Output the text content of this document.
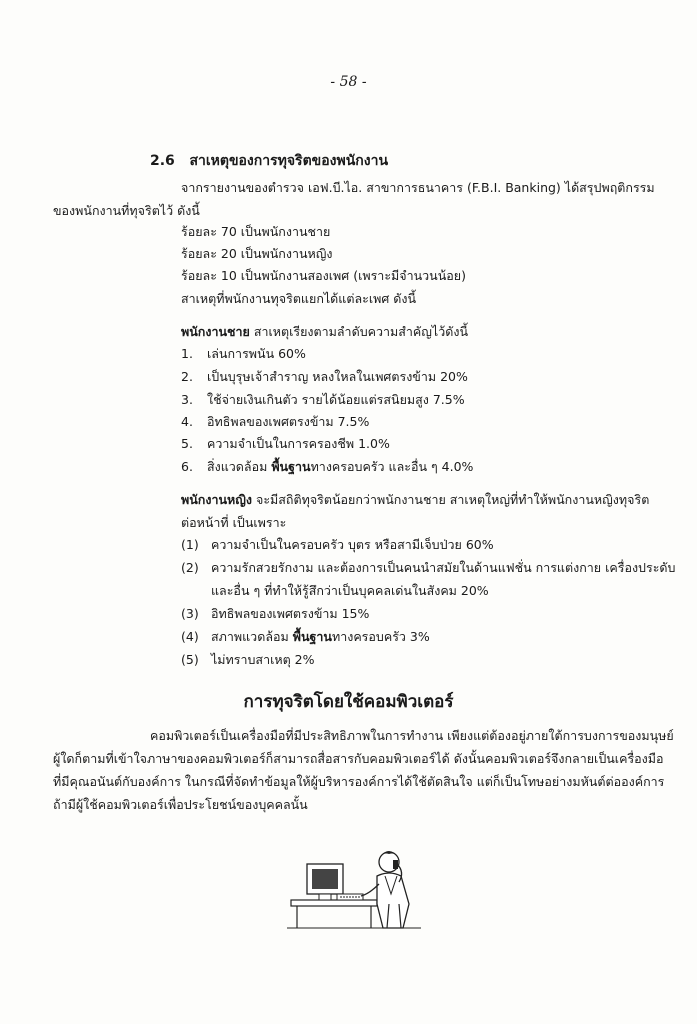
- 58 -
2.6 สาเหตุของการทุจริตของพนักงาน
จากรายงานของตำรวจ เอฟ.บี.ไอ. สาขาการธนาคาร (F.B.I. Banking) ได้สรุปพฤติกรรม
ของพนักงานที่ทุจริตไว้ ดังนี้
ร้อยละ 70 เป็นพนักงานชาย
ร้อยละ 20 เป็นพนักงานหญิง
ร้อยละ 10 เป็นพนักงานสองเพศ (เพราะมีจำนวนน้อย)
สาเหตุที่พนักงานทุจริตแยกได้แต่ละเพศ ดังนี้
พนักงานชาย สาเหตุเรียงตามลำดับความสำคัญไว้ดังนี้
1. เล่นการพนัน 60%
2. เป็นบุรุษเจ้าสำราญ หลงใหลในเพศตรงข้าม 20%
3. ใช้จ่ายเงินเกินตัว รายได้น้อยแต่รสนิยมสูง 7.5%
4. อิทธิพลของเพศตรงข้าม 7.5%
5. ความจำเป็นในการครองชีพ 1.0%
6. สิ่งแวดล้อม พื้นฐานทางครอบครัว และอื่น ๆ 4.0%
พนักงานหญิง จะมีสถิติทุจริตน้อยกว่าพนักงานชาย สาเหตุใหญ่ที่ทำให้พนักงานหญิงทุจริต
ต่อหน้าที่ เป็นเพราะ
(1) ความจำเป็นในครอบครัว บุตร หรือสามีเจ็บป่วย 60%
(2) ความรักสวยรักงาม และต้องการเป็นคนนำสมัยในด้านแฟชั่น การแต่งกาย เครื่องประดับ
และอื่น ๆ ที่ทำให้รู้สึกว่าเป็นบุคคลเด่นในสังคม 20%
(3) อิทธิพลของเพศตรงข้าม 15%
(4) สภาพแวดล้อม พื้นฐานทางครอบครัว 3%
(5) ไม่ทราบสาเหตุ 2%
การทุจริตโดยใช้คอมพิวเตอร์
คอมพิวเตอร์เป็นเครื่องมือที่มีประสิทธิภาพในการทำงาน เพียงแต่ต้องอยู่ภายใต้การบงการของมนุษย์
ผู้ใดก็ตามที่เข้าใจภาษาของคอมพิวเตอร์ก็สามารถสื่อสารกับคอมพิวเตอร์ได้ ดังนั้นคอมพิวเตอร์จึงกลายเป็นเครื่องมือ
ที่มีคุณอนันต์กับองค์การ ในกรณีที่จัดทำข้อมูลให้ผู้บริหารองค์การได้ใช้ตัดสินใจ แต่ก็เป็นโทษอย่างมหันต์ต่อองค์การ
ถ้ามีผู้ใช้คอมพิวเตอร์เพื่อประโยชน์ของบุคคลนั้น
